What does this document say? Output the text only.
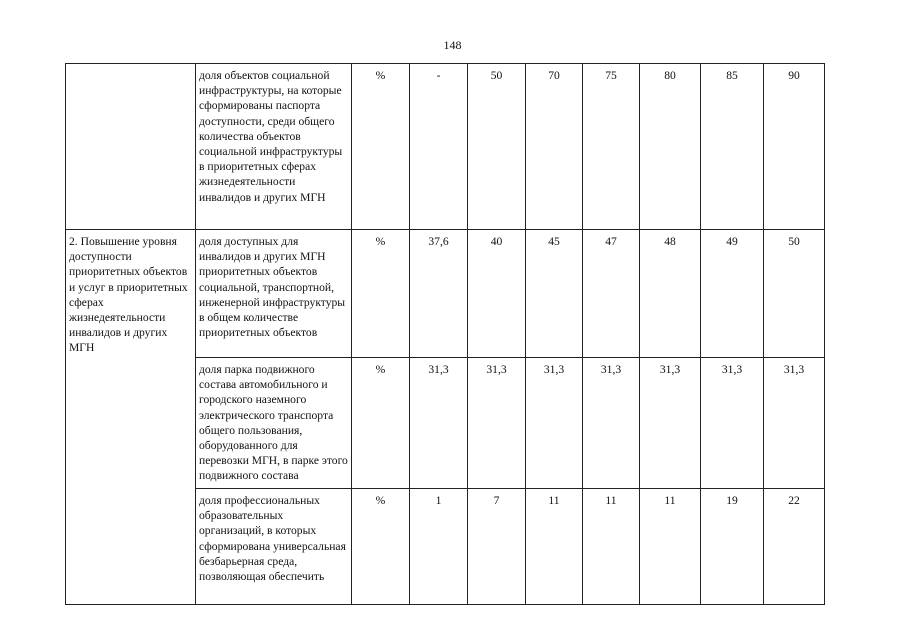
148
	доля объектов социальной инфраструктуры, на которые сформированы паспорта доступности, среди общего количества объектов социальной инфраструктуры в приоритетных сферах жизнедеятельности инвалидов и других МГН	%	-	50	70	75	80	85	90
2. Повышение уровня доступности приоритетных объектов и услуг в приоритетных сферах жизнедеятельности инвалидов и других МГН	доля доступных для инвалидов и других МГН приоритетных объектов социальной, транспортной, инженерной инфраструктуры в общем количестве приоритетных объектов	%	37,6	40	45	47	48	49	50
	доля парка подвижного состава автомобильного и городского наземного электрического транспорта общего пользования, оборудованного для перевозки МГН, в парке этого подвижного состава	%	31,3	31,3	31,3	31,3	31,3	31,3	31,3
	доля профессиональных образовательных организаций, в которых сформирована универсальная безбарьерная среда, позволяющая обеспечить	%	1	7	11	11	11	19	22
